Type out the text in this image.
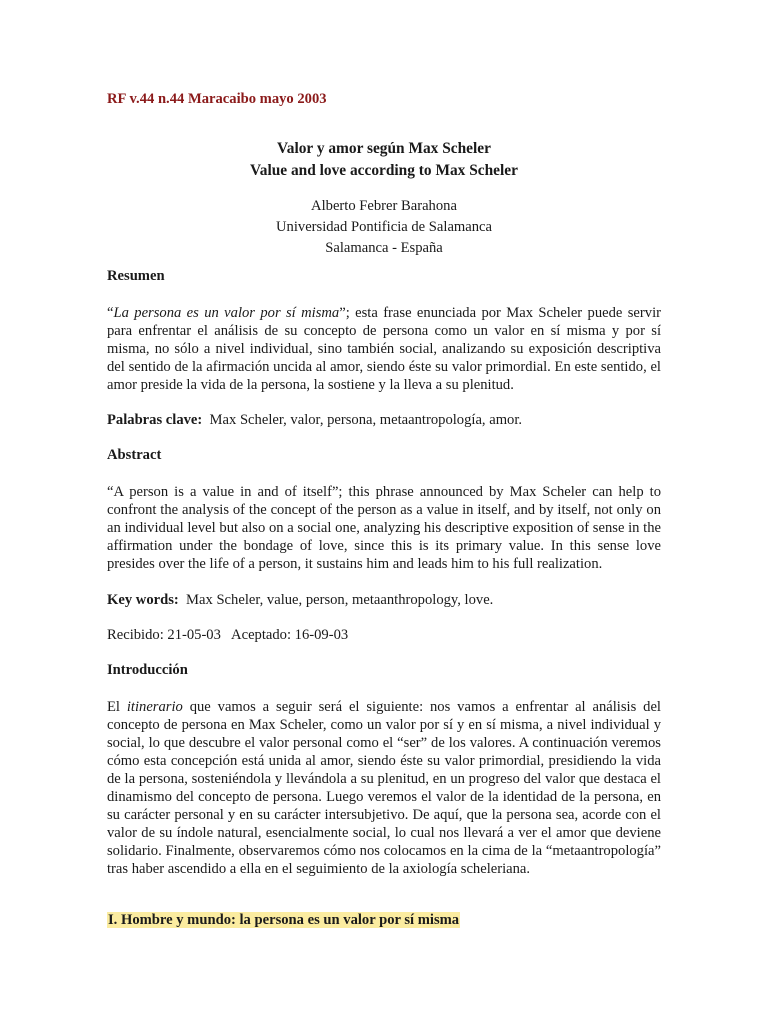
RF v.44 n.44 Maracaibo mayo 2003
Valor y amor según Max Scheler
Value and love according to Max Scheler
Alberto Febrer Barahona
Universidad Pontificia de Salamanca
Salamanca - España
Resumen
“La persona es un valor por sí misma”; esta frase enunciada por Max Scheler puede servir para enfrentar el análisis de su concepto de persona como un valor en sí misma y por sí misma, no sólo a nivel individual, sino también social, analizando su exposición descriptiva del sentido de la afirmación uncida al amor, siendo éste su valor primordial. En este sentido, el amor preside la vida de la persona, la sostiene y la lleva a su plenitud.
Palabras clave: Max Scheler, valor, persona, metaantropología, amor.
Abstract
“A person is a value in and of itself”; this phrase announced by Max Scheler can help to confront the analysis of the concept of the person as a value in itself, and by itself, not only on an individual level but also on a social one, analyzing his descriptive exposition of sense in the affirmation under the bondage of love, since this is its primary value. In this sense love presides over the life of a person, it sustains him and leads him to his full realization.
Key words: Max Scheler, value, person, metaanthropology, love.
Recibido: 21-05-03 Aceptado: 16-09-03
Introducción
El itinerario que vamos a seguir será el siguiente: nos vamos a enfrentar al análisis del concepto de persona en Max Scheler, como un valor por sí y en sí misma, a nivel individual y social, lo que descubre el valor personal como el “ser” de los valores. A continuación veremos cómo esta concepción está unida al amor, siendo éste su valor primordial, presidiendo la vida de la persona, sosteniéndola y llevándola a su plenitud, en un progreso del valor que destaca el dinamismo del concepto de persona. Luego veremos el valor de la identidad de la persona, en su carácter personal y en su carácter intersubjetivo. De aquí, que la persona sea, acorde con el valor de su índole natural, esencialmente social, lo cual nos llevará a ver el amor que deviene solidario. Finalmente, observaremos cómo nos colocamos en la cima de la “metaantropología” tras haber ascendido a ella en el seguimiento de la axiología scheleriana.
I. Hombre y mundo: la persona es un valor por sí misma
